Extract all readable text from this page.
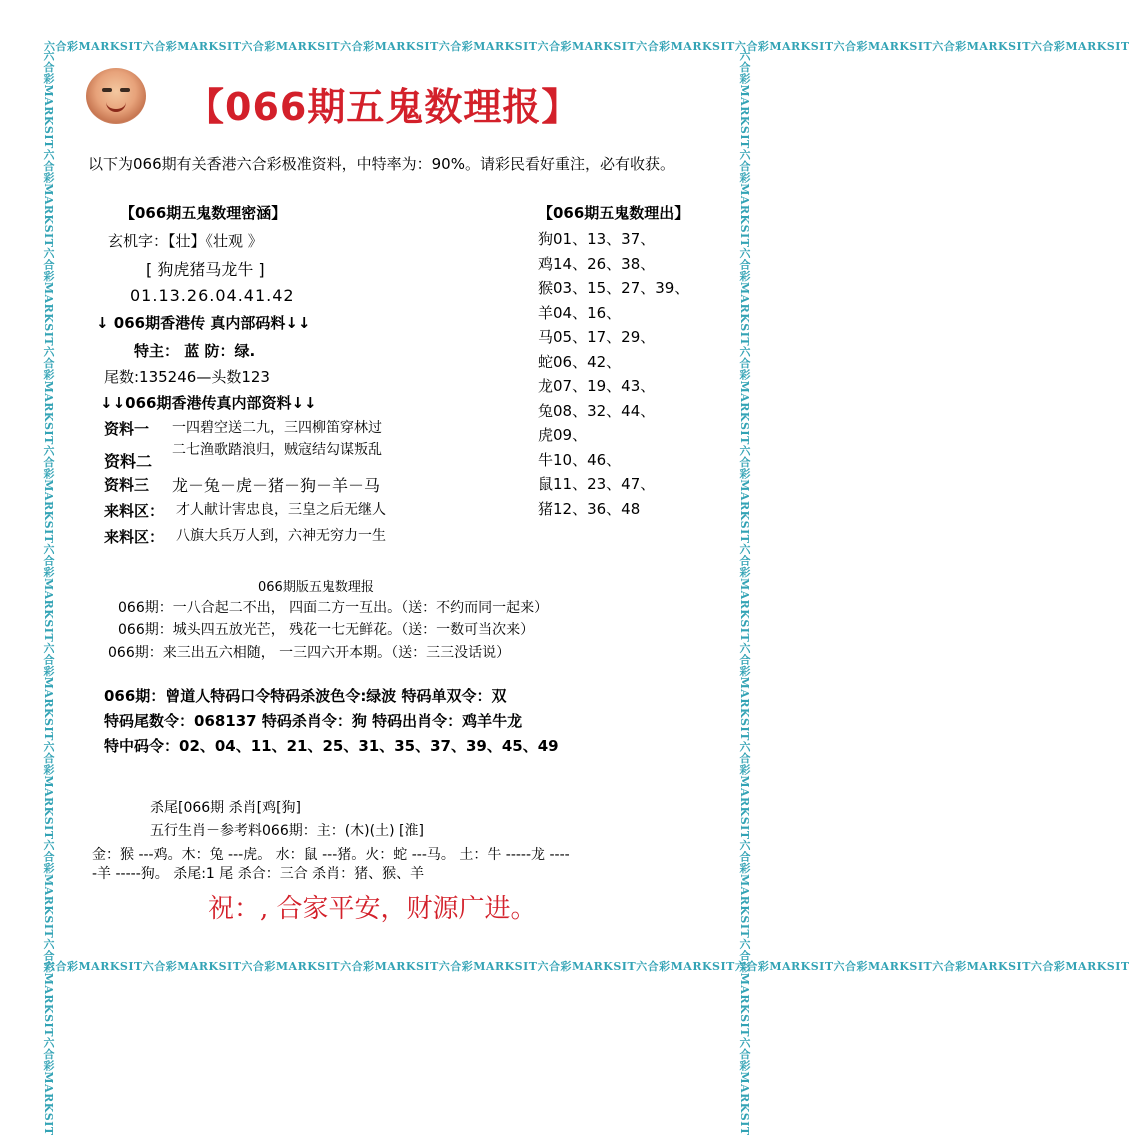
六合彩MARKSIT六合彩MARKSIT六合彩MARKSIT六合彩MARKSIT六合彩MARKSIT六合彩MARKSIT六合彩MARKSIT六合彩MARKSIT六合彩MARKSIT六合彩MARKSIT六合彩MARKSIT
六合彩MARKSIT六合彩MARKSIT六合彩MARKSIT六合彩MARKSIT六合彩MARKSIT六合彩MARKSIT六合彩MARKSIT六合彩MARKSIT六合彩MARKSIT六合彩MARKSIT六合彩MARKSIT
六合彩MARKSIT六合彩MARKSIT六合彩MARKSIT六合彩MARKSIT六合彩MARKSIT六合彩MARKSIT六合彩MARKSIT六合彩MARKSIT六合彩MARKSIT六合彩MARKSIT六合彩MARKSIT	六合彩MARKSIT六合彩MARKSIT六合彩MARKSIT六合彩MARKSIT六合彩MARKSIT六合彩MARKSIT六合彩MARKSIT六合彩MARKSIT六合彩MARKSIT六合彩MARKSIT六合彩MARKSIT
【066期五鬼数理报】
以下为066期有关香港六合彩极准资料，中特率为：90%。请彩民看好重注，必有收获。
【066期五鬼数理密涵】
玄机字：【壮】《壮观 》
[ 狗虎猪马龙牛 ]
01.13.26.04.41.42
↓ 066期香港传 真内部码料↓↓
特主： 蓝 防：绿.
尾数:135246—头数123
↓↓066期香港传真内部资料↓↓
资料一 一四碧空送二九，三四柳笛穿林过
资料二
二七渔歌踏浪归，贼寇结勾谋叛乱
资料三 龙－兔－虎－猪－狗－羊－马
来料区： 才人献计害忠良，三皇之后无继人
来料区： 八旗大兵万人到，六神无穷力一生
【066期五鬼数理出】
狗01、13、37、
鸡14、26、38、
猴03、15、27、39、
羊04、16、
马05、17、29、
蛇06、42、
龙07、19、43、
兔08、32、44、
虎09、
牛10、46、
鼠11、23、47、
猪12、36、48
066期版五鬼数理报
066期：一八合起二不出， 四面二方一互出。（送：不约而同一起来）
066期：城头四五放光芒， 残花一七无鲜花。（送：一数可当次来）
066期：来三出五六相随， 一三四六开本期。（送：三三没话说）
066期：曾道人特码口令特码杀波色令:绿波 特码单双令：双
特码尾数令：068137 特码杀肖令：狗 特码出肖令：鸡羊牛龙
特中码令：02、04、11、21、25、31、35、37、39、45、49
杀尾[066期 杀肖[鸡[狗]
五行生肖－参考料066期：主：(木)(土) [淮]
金：猴 ---鸡。木：兔 ---虎。 水：鼠 ---猪。火：蛇 ---马。 土：牛 -----龙 ----
-羊 -----狗。 杀尾:1 尾 杀合：三合 杀肖：猪、猴、羊
祝：, 合家平安，财源广进。
